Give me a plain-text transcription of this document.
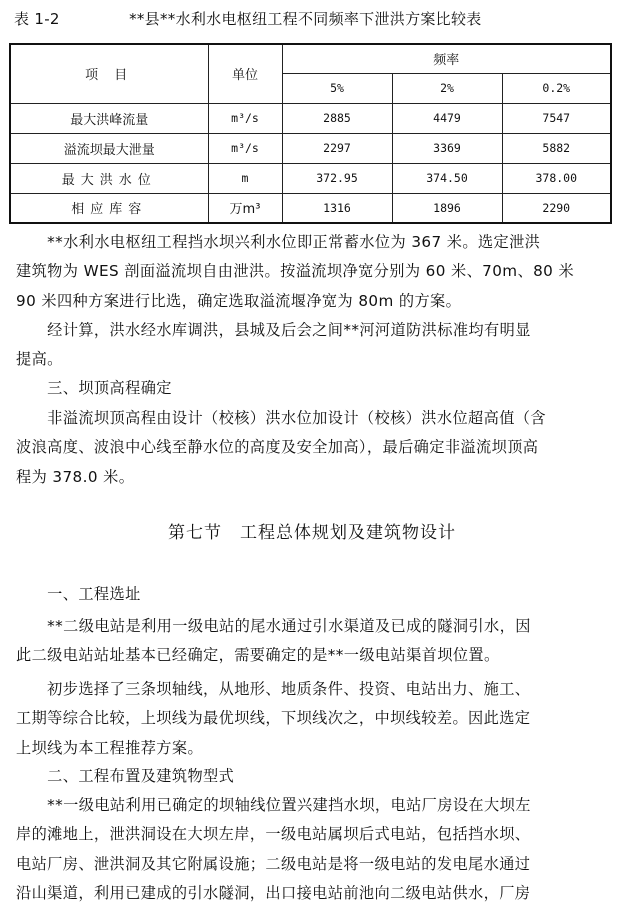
表 1-2	**县**水利水电枢纽工程不同频率下泄洪方案比较表
项 目	单位	频率		
		5%	2%	0.2%
最大洪峰流量	m³/s	2885	4479	7547
溢流坝最大泄量	m³/s	2297	3369	5882
最大洪水位	m	372.95	374.50	378.00
相应库容	万m³	1316	1896	2290
　　**水利水电枢纽工程挡水坝兴利水位即正常蓄水位为 367 米。选定泄洪
建筑物为 WES 剖面溢流坝自由泄洪。按溢流坝净宽分别为 60 米、70m、80 米
90 米四种方案进行比选，确定选取溢流堰净宽为 80m 的方案。
　　经计算，洪水经水库调洪，县城及后会之间**河河道防洪标准均有明显
提高。
　　三、坝顶高程确定
　　非溢流坝顶高程由设计（校核）洪水位加设计（校核）洪水位超高值（含
波浪高度、波浪中心线至静水位的高度及安全加高），最后确定非溢流坝顶高
程为 378.0 米。
第七节　工程总体规划及建筑物设计
　　一、工程选址
　　**二级电站是利用一级电站的尾水通过引水渠道及已成的隧洞引水，因
此二级电站站址基本已经确定，需要确定的是**一级电站渠首坝位置。
　　初步选择了三条坝轴线，从地形、地质条件、投资、电站出力、施工、
工期等综合比较，上坝线为最优坝线，下坝线次之，中坝线较差。因此选定
上坝线为本工程推荐方案。
　　二、工程布置及建筑物型式
　　**一级电站利用已确定的坝轴线位置兴建挡水坝，电站厂房设在大坝左
岸的滩地上，泄洪洞设在大坝左岸，一级电站属坝后式电站，包括挡水坝、
电站厂房、泄洪洞及其它附属设施；二级电站是将一级电站的发电尾水通过
沿山渠道，利用已建成的引水隧洞，出口接电站前池向二级电站供水，厂房
